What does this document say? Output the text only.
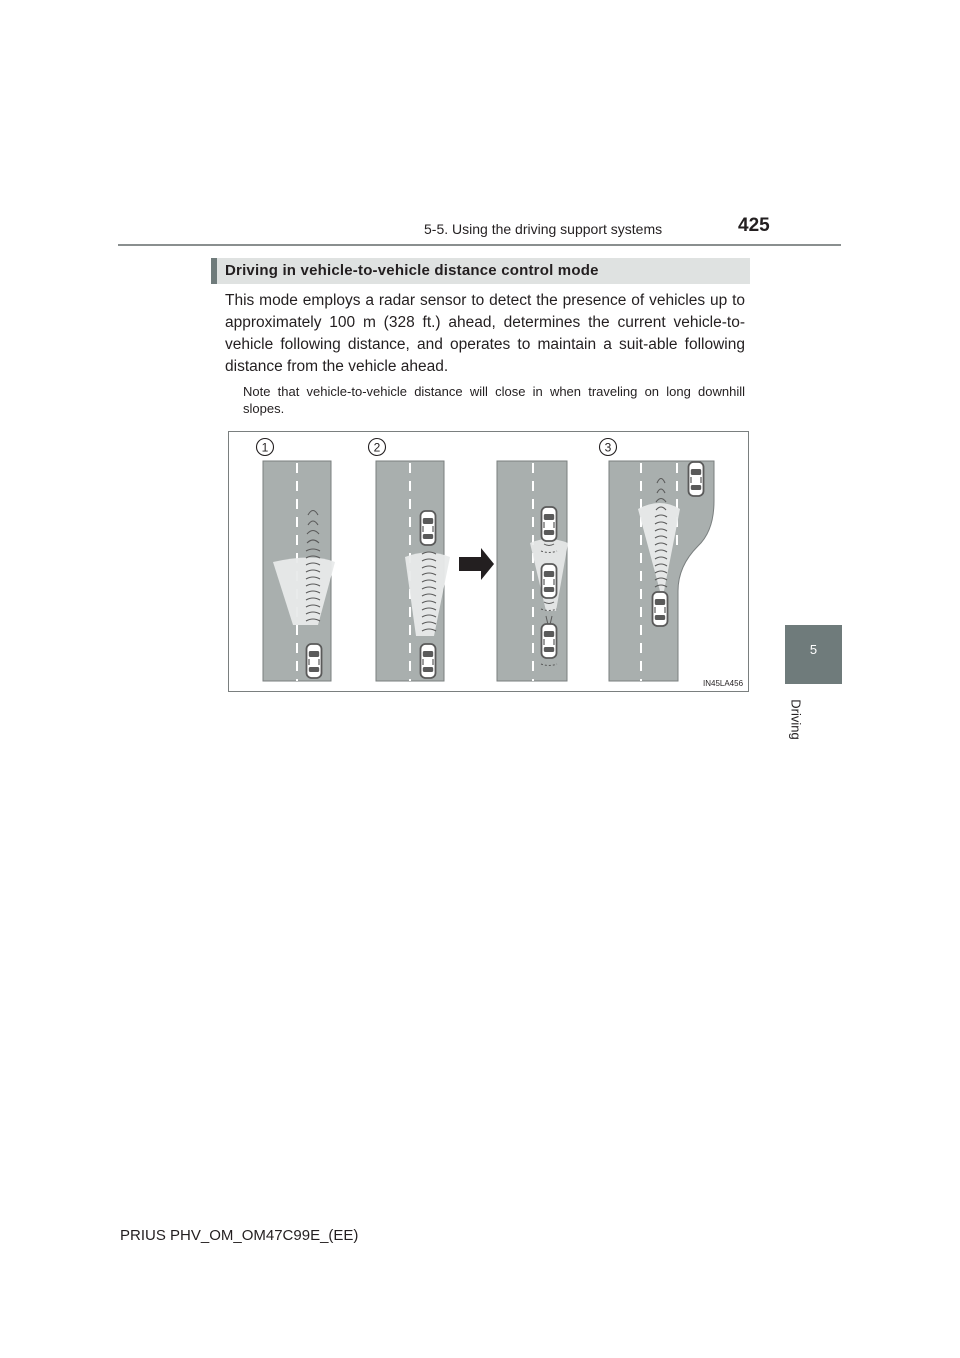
5-5. Using the driving support systems	425
5
Driving
Driving in vehicle-to-vehicle distance control mode
This mode employs a radar sensor to detect the presence of vehicles up to approximately 100 m (328 ft.) ahead, determines the current vehicle-to-vehicle following distance, and operates to maintain a suit-able following distance from the vehicle ahead.
Note that vehicle-to-vehicle distance will close in when traveling on long downhill slopes.
1	2	3
IN45LA456
PRIUS PHV_OM_OM47C99E_(EE)
